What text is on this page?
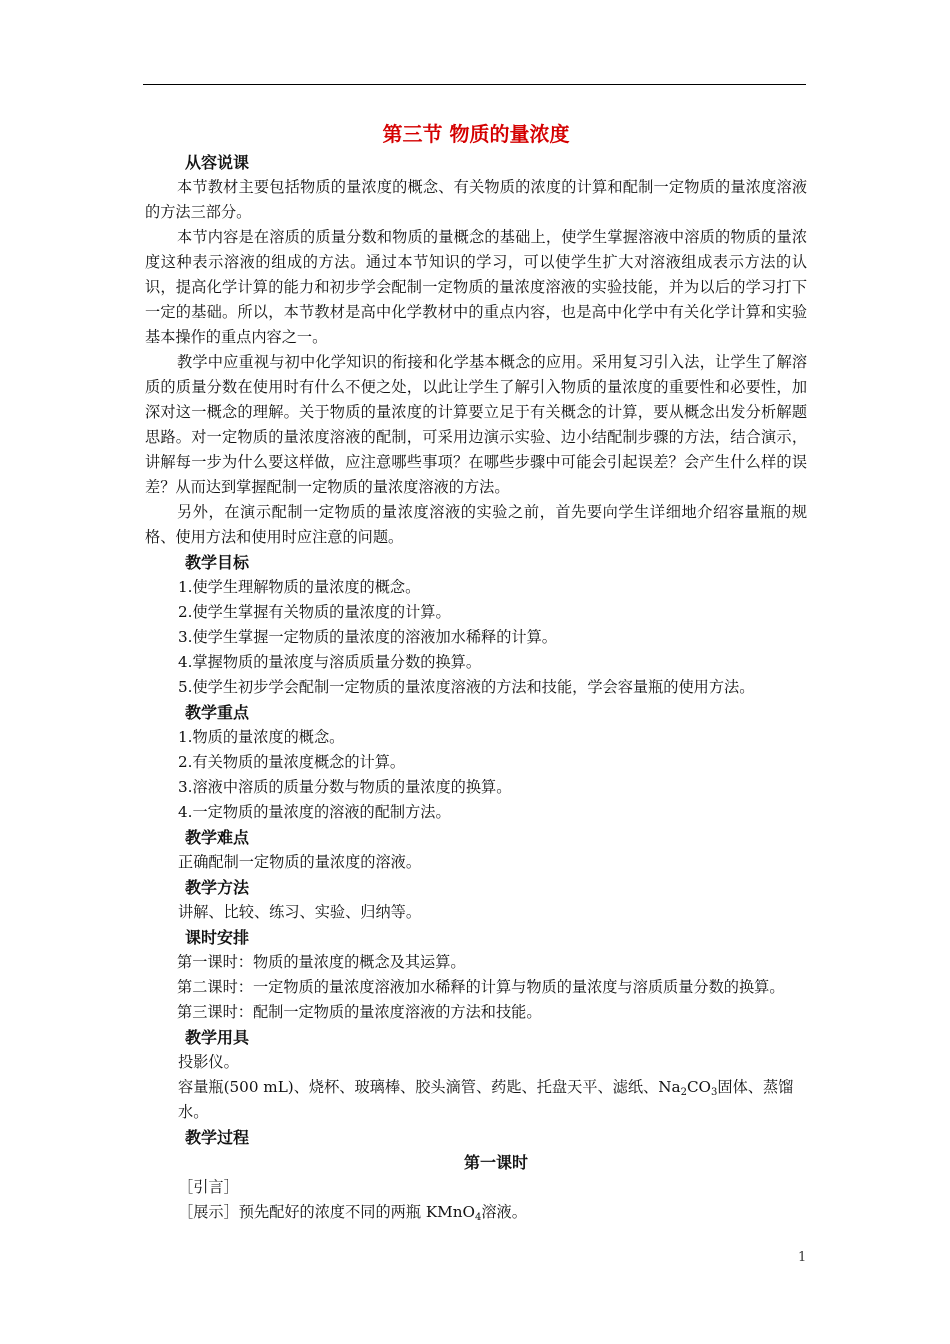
第三节 物质的量浓度
从容说课

本节教材主要包括物质的量浓度的概念、有关物质的浓度的计算和配制一定物质的量浓度溶液的方法三部分。

本节内容是在溶质的质量分数和物质的量概念的基础上，使学生掌握溶液中溶质的物质的量浓度这种表示溶液的组成的方法。通过本节知识的学习，可以使学生扩大对溶液组成表示方法的认识，提高化学计算的能力和初步学会配制一定物质的量浓度溶液的实验技能，并为以后的学习打下一定的基础。所以，本节教材是高中化学教材中的重点内容，也是高中化学中有关化学计算和实验基本操作的重点内容之一。

教学中应重视与初中化学知识的衔接和化学基本概念的应用。采用复习引入法，让学生了解溶质的质量分数在使用时有什么不便之处，以此让学生了解引入物质的量浓度的重要性和必要性，加深对这一概念的理解。关于物质的量浓度的计算要立足于有关概念的计算，要从概念出发分析解题思路。对一定物质的量浓度溶液的配制，可采用边演示实验、边小结配制步骤的方法，结合演示，讲解每一步为什么要这样做，应注意哪些事项？在哪些步骤中可能会引起误差？会产生什么样的误差？从而达到掌握配制一定物质的量浓度溶液的方法。

另外，在演示配制一定物质的量浓度溶液的实验之前，首先要向学生详细地介绍容量瓶的规格、使用方法和使用时应注意的问题。

教学目标

1.使学生理解物质的量浓度的概念。

2.使学生掌握有关物质的量浓度的计算。

3.使学生掌握一定物质的量浓度的溶液加水稀释的计算。

4.掌握物质的量浓度与溶质质量分数的换算。

5.使学生初步学会配制一定物质的量浓度溶液的方法和技能，学会容量瓶的使用方法。

教学重点

1.物质的量浓度的概念。

2.有关物质的量浓度概念的计算。

3.溶液中溶质的质量分数与物质的量浓度的换算。

4.一定物质的量浓度的溶液的配制方法。

教学难点

正确配制一定物质的量浓度的溶液。

教学方法

讲解、比较、练习、实验、归纳等。

课时安排

第一课时：物质的量浓度的概念及其运算。

第二课时：一定物质的量浓度溶液加水稀释的计算与物质的量浓度与溶质质量分数的换算。

第三课时：配制一定物质的量浓度溶液的方法和技能。

教学用具

投影仪。

容量瓶(500 mL)、烧杯、玻璃棒、胶头滴管、药匙、托盘天平、滤纸、$Na_2CO_3$固体、蒸馏水。

教学过程
第一课时

［引言］

［展示］预先配好的浓度不同的两瓶 KMnO$_4$溶液。

1
